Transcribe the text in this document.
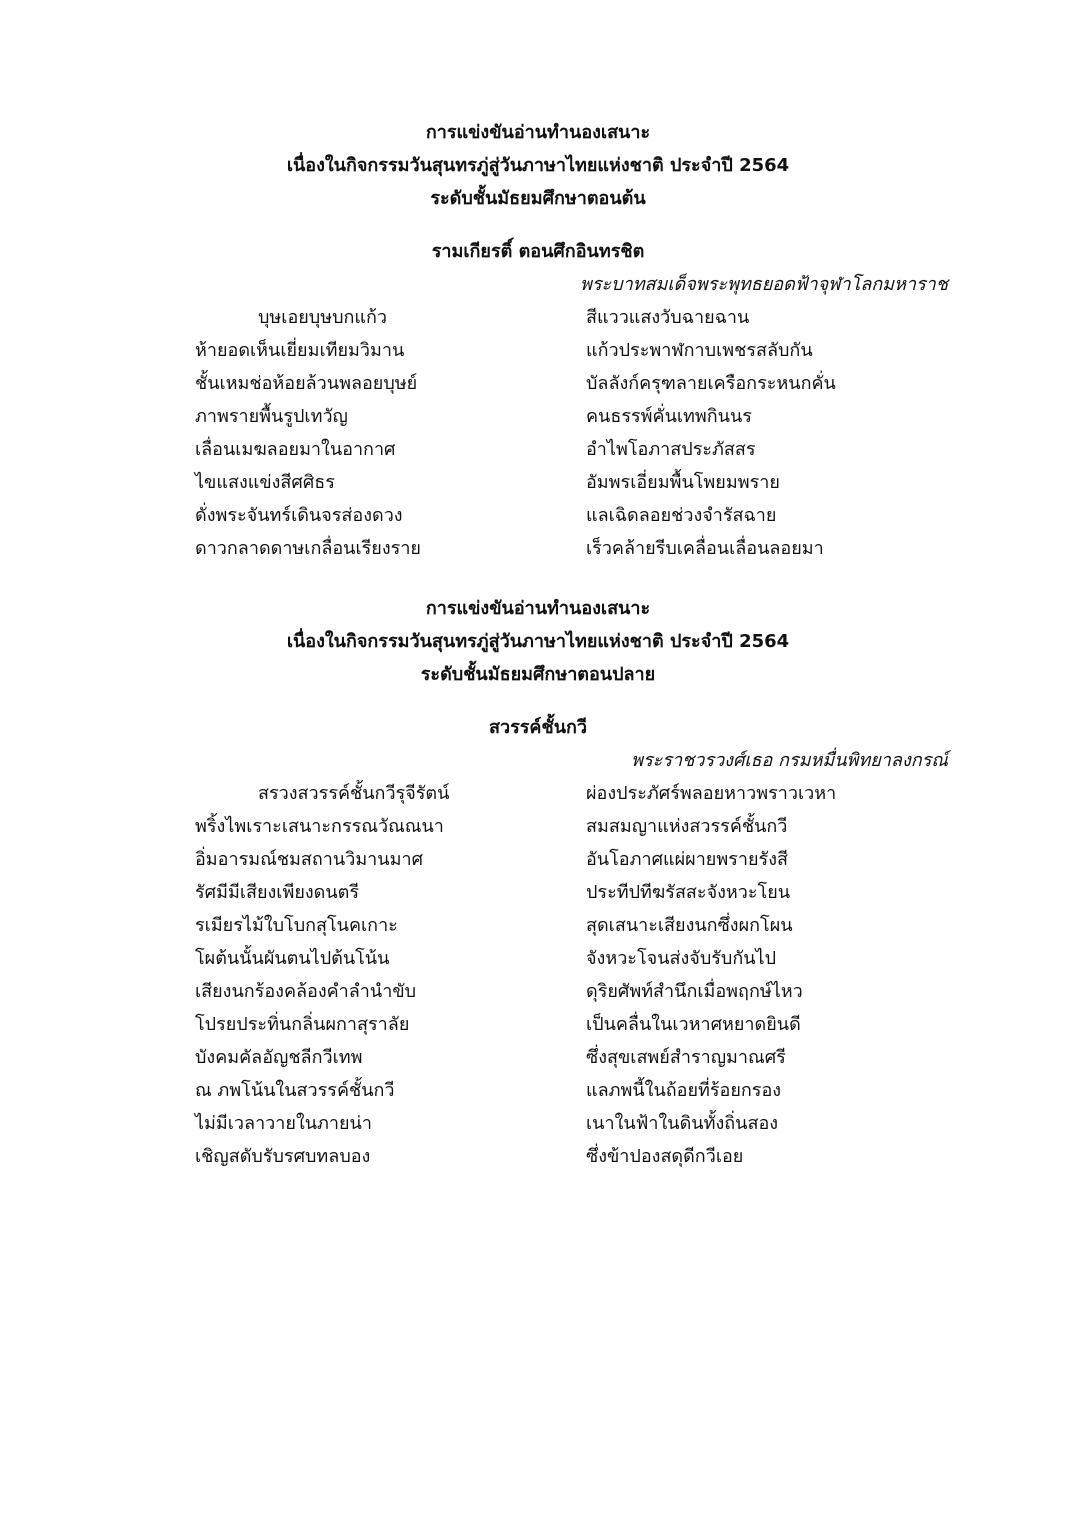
การแข่งขันอ่านทำนองเสนาะ
เนื่องในกิจกรรมวันสุนทรภู่สู่วันภาษาไทยแห่งชาติ ประจำปี 2564
ระดับชั้นมัธยมศึกษาตอนต้น
รามเกียรติ์ ตอนศึกอินทรชิต
พระบาทสมเด็จพระพุทธยอดฟ้าจุฬาโลกมหาราช
บุษเอยบุษบกแก้ว	สีแววแสงวับฉายฉาน
ห้ายอดเห็นเยี่ยมเทียมวิมาน	แก้วประพาฬกาบเพชรสลับกัน
ชั้นเหมช่อห้อยล้วนพลอยบุษย์	บัลลังก์ครุฑลายเครือกระหนกคั่น
ภาพรายพื้นรูปเทวัญ	คนธรรพ์คั่นเทพกินนร
เลื่อนเมฆลอยมาในอากาศ	อำไพโอภาสประภัสสร
ไขแสงแข่งสีศศิธร	อัมพรเอี่ยมพื้นโพยมพราย
ดั่งพระจันทร์เดินจรส่องดวง	แลเฉิดลอยช่วงจำรัสฉาย
ดาวกลาดดาษเกลื่อนเรียงราย	เร็วคล้ายรีบเคลื่อนเลื่อนลอยมา
การแข่งขันอ่านทำนองเสนาะ
เนื่องในกิจกรรมวันสุนทรภู่สู่วันภาษาไทยแห่งชาติ ประจำปี 2564
ระดับชั้นมัธยมศึกษาตอนปลาย
สวรรค์ชั้นกวี
พระราชวรวงศ์เธอ กรมหมื่นพิทยาลงกรณ์
สรวงสวรรค์ชั้นกวีรุจีรัตน์	ผ่องประภัศร์พลอยหาวพราวเวหา
พริ้งไพเราะเสนาะกรรณวัณณนา	สมสมญาแห่งสวรรค์ชั้นกวี
อิ่มอารมณ์ชมสถานวิมานมาศ	อันโอภาศแผ่ผายพรายรังสี
รัศมีมีเสียงเพียงดนตรี	ประทีปทีฆรัสสะจังหวะโยน
รเมียรไม้ใบโบกสุโนคเกาะ	สุดเสนาะเสียงนกซึ่งผกโผน
โผต้นนั้นผันตนไปต้นโน้น	จังหวะโจนส่งจับรับกันไป
เสียงนกร้องคล้องคำลำนำขับ	ดุริยศัพท์สำนึกเมื่อพฤกษ์ไหว
โปรยประทิ่นกลิ่นผกาสุราลัย	เป็นคลื่นในเวหาศหยาดยินดี
บังคมคัลอัญชลีกวีเทพ	ซึ่งสุขเสพย์สำราญมาณศรี
ณ ภพโน้นในสวรรค์ชั้นกวี	แลภพนี้ในถ้อยที่ร้อยกรอง
ไม่มีเวลาวายในภายน่า	เนาในฟ้าในดินทั้งถิ่นสอง
เชิญสดับรับรศบทลบอง	ซึ่งข้าปองสดุดีกวีเอย
